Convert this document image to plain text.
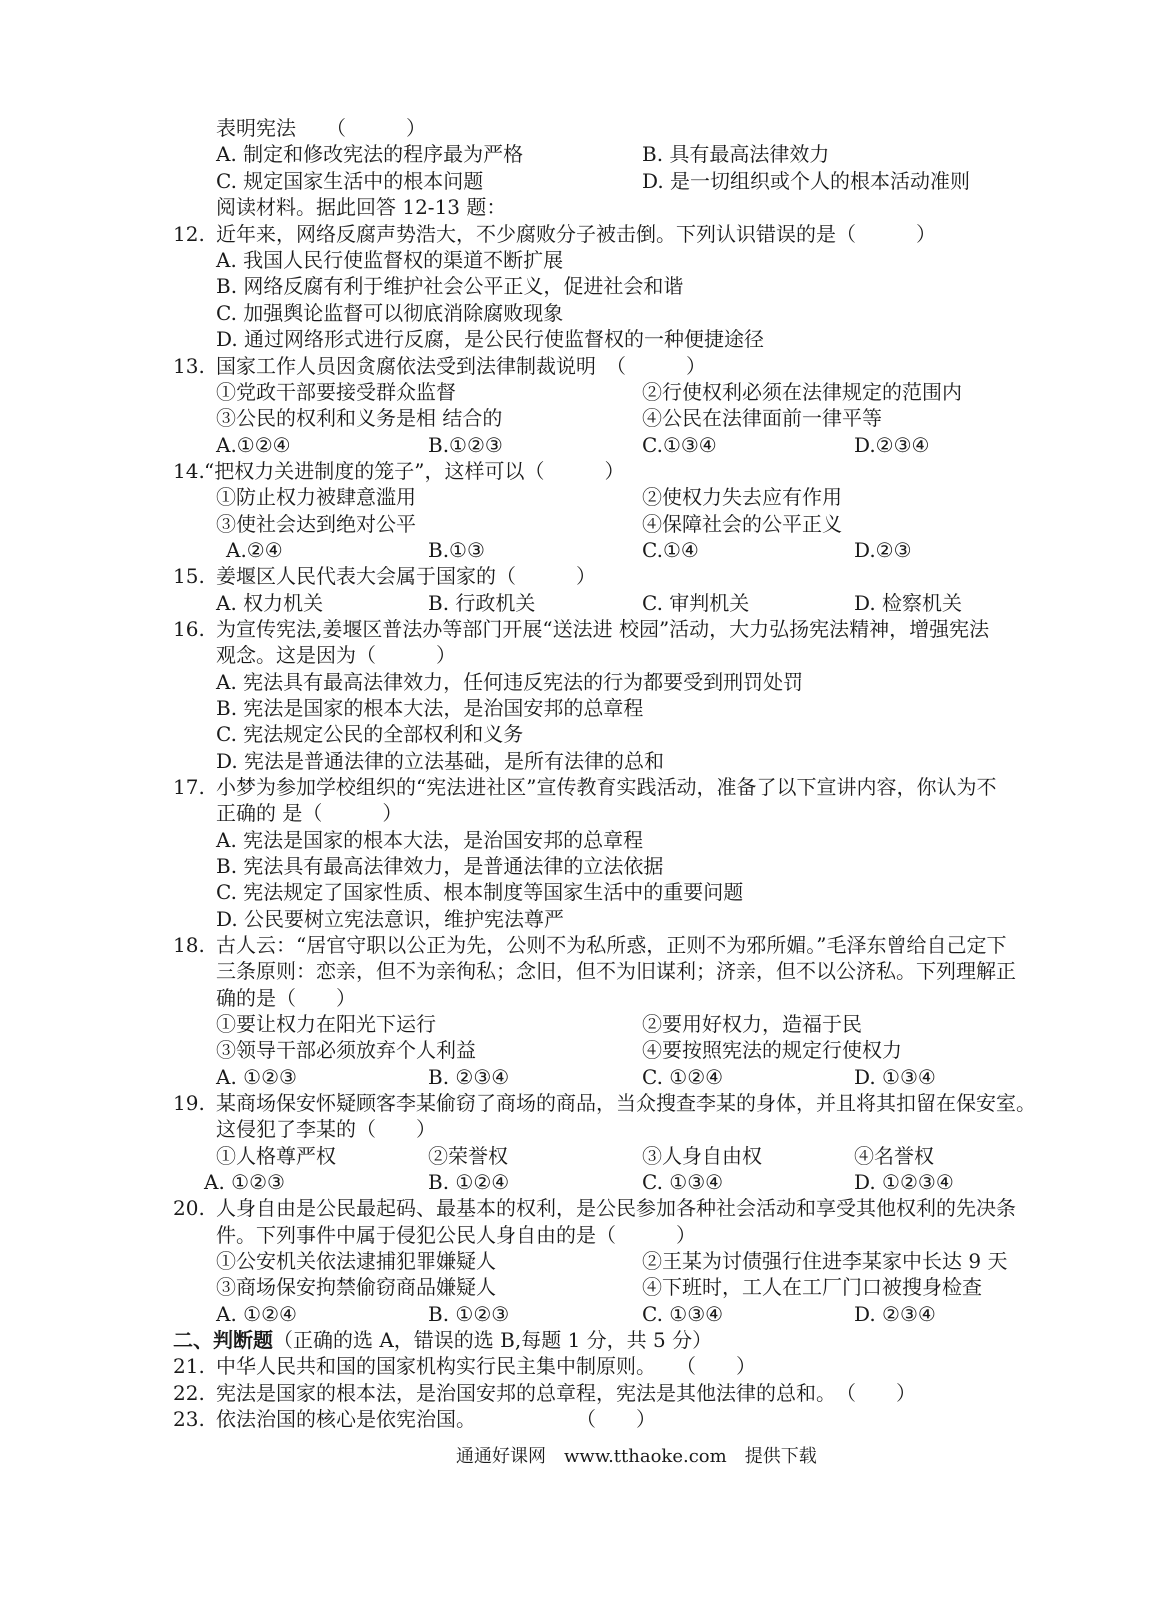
表明宪法　　（　　　）
A. 制定和修改宪法的程序最为严格	B. 具有最高法律效力
C. 规定国家生活中的根本问题	D. 是一切组织或个人的根本活动准则
阅读材料。据此回答 12-13 题：
12. 近年来，网络反腐声势浩大，不少腐败分子被击倒。下列认识错误的是（　　　）
A. 我国人民行使监督权的渠道不断扩展
B. 网络反腐有利于维护社会公平正义，促进社会和谐
C. 加强舆论监督可以彻底消除腐败现象
D. 通过网络形式进行反腐，是公民行使监督权的一种便捷途径
13. 国家工作人员因贪腐依法受到法律制裁说明　（　　　）
①党政干部要接受群众监督	②行使权利必须在法律规定的范围内
③公民的权利和义务是相 结合的	④公民在法律面前一律平等
A.①②④	B.①②③	C.①③④	D.②③④
14. “把权力关进制度的笼子”，这样可以（　　　）
①防止权力被肆意滥用	②使权力失去应有作用
③使社会达到绝对公平	④保障社会的公平正义
A.②④	B.①③	C.①④	D.②③
15. 姜堰区人民代表大会属于国家的（　　　）
A. 权力机关	B. 行政机关	C. 审判机关	D. 检察机关
16. 为宣传宪法,姜堰区普法办等部门开展“送法进 校园”活动，大力弘扬宪法精神，增强宪法
观念。这是因为（　　　）
A. 宪法具有最高法律效力，任何违反宪法的行为都要受到刑罚处罚
B. 宪法是国家的根本大法，是治国安邦的总章程
C. 宪法规定公民的全部权利和义务
D. 宪法是普通法律的立法基础，是所有法律的总和
17. 小梦为参加学校组织的“宪法进社区”宣传教育实践活动，准备了以下宣讲内容，你认为不
正确的 是（　　　）
A. 宪法是国家的根本大法，是治国安邦的总章程
B. 宪法具有最高法律效力，是普通法律的立法依据
C. 宪法规定了国家性质、根本制度等国家生活中的重要问题
D. 公民要树立宪法意识，维护宪法尊严
18. 古人云：“居官守职以公正为先，公则不为私所惑，正则不为邪所媚。”毛泽东曾给自己定下
三条原则：恋亲，但不为亲徇私；念旧，但不为旧谋利；济亲，但不以公济私。下列理解正
确的是（　　）
①要让权力在阳光下运行	②要用好权力，造福于民
③领导干部必须放弃个人利益	④要按照宪法的规定行使权力
A. ①②③	B. ②③④	C. ①②④	D. ①③④
19. 某商场保安怀疑顾客李某偷窃了商场的商品，当众搜查李某的身体，并且将其扣留在保安室。
这侵犯了李某的（　　）
①人格尊严权	②荣誉权	③人身自由权	④名誉权
A. ①②③	B. ①②④	C. ①③④	D. ①②③④
20. 人身自由是公民最起码、最基本的权利，是公民参加各种社会活动和享受其他权利的先决条
件。下列事件中属于侵犯公民人身自由的是（　　　）
①公安机关依法逮捕犯罪嫌疑人	②王某为讨债强行住进李某家中长达 9 天
③商场保安拘禁偷窃商品嫌疑人	④下班时，工人在工厂门口被搜身检查
A. ①②④	B. ①②③	C. ①③④	D. ②③④
二、判断题（正确的选 A，错误的选 B,每题 1 分，共 5 分）
21. 中华人民共和国的国家机构实行民主集中制原则。　　（　　）
22. 宪法是国家的根本法，是治国安邦的总章程，宪法是其他法律的总和。　（　　）
23. 依法治国的核心是依宪治国。　　　　　　（　　）
通通好课网　www.tthaoke.com　提供下载
